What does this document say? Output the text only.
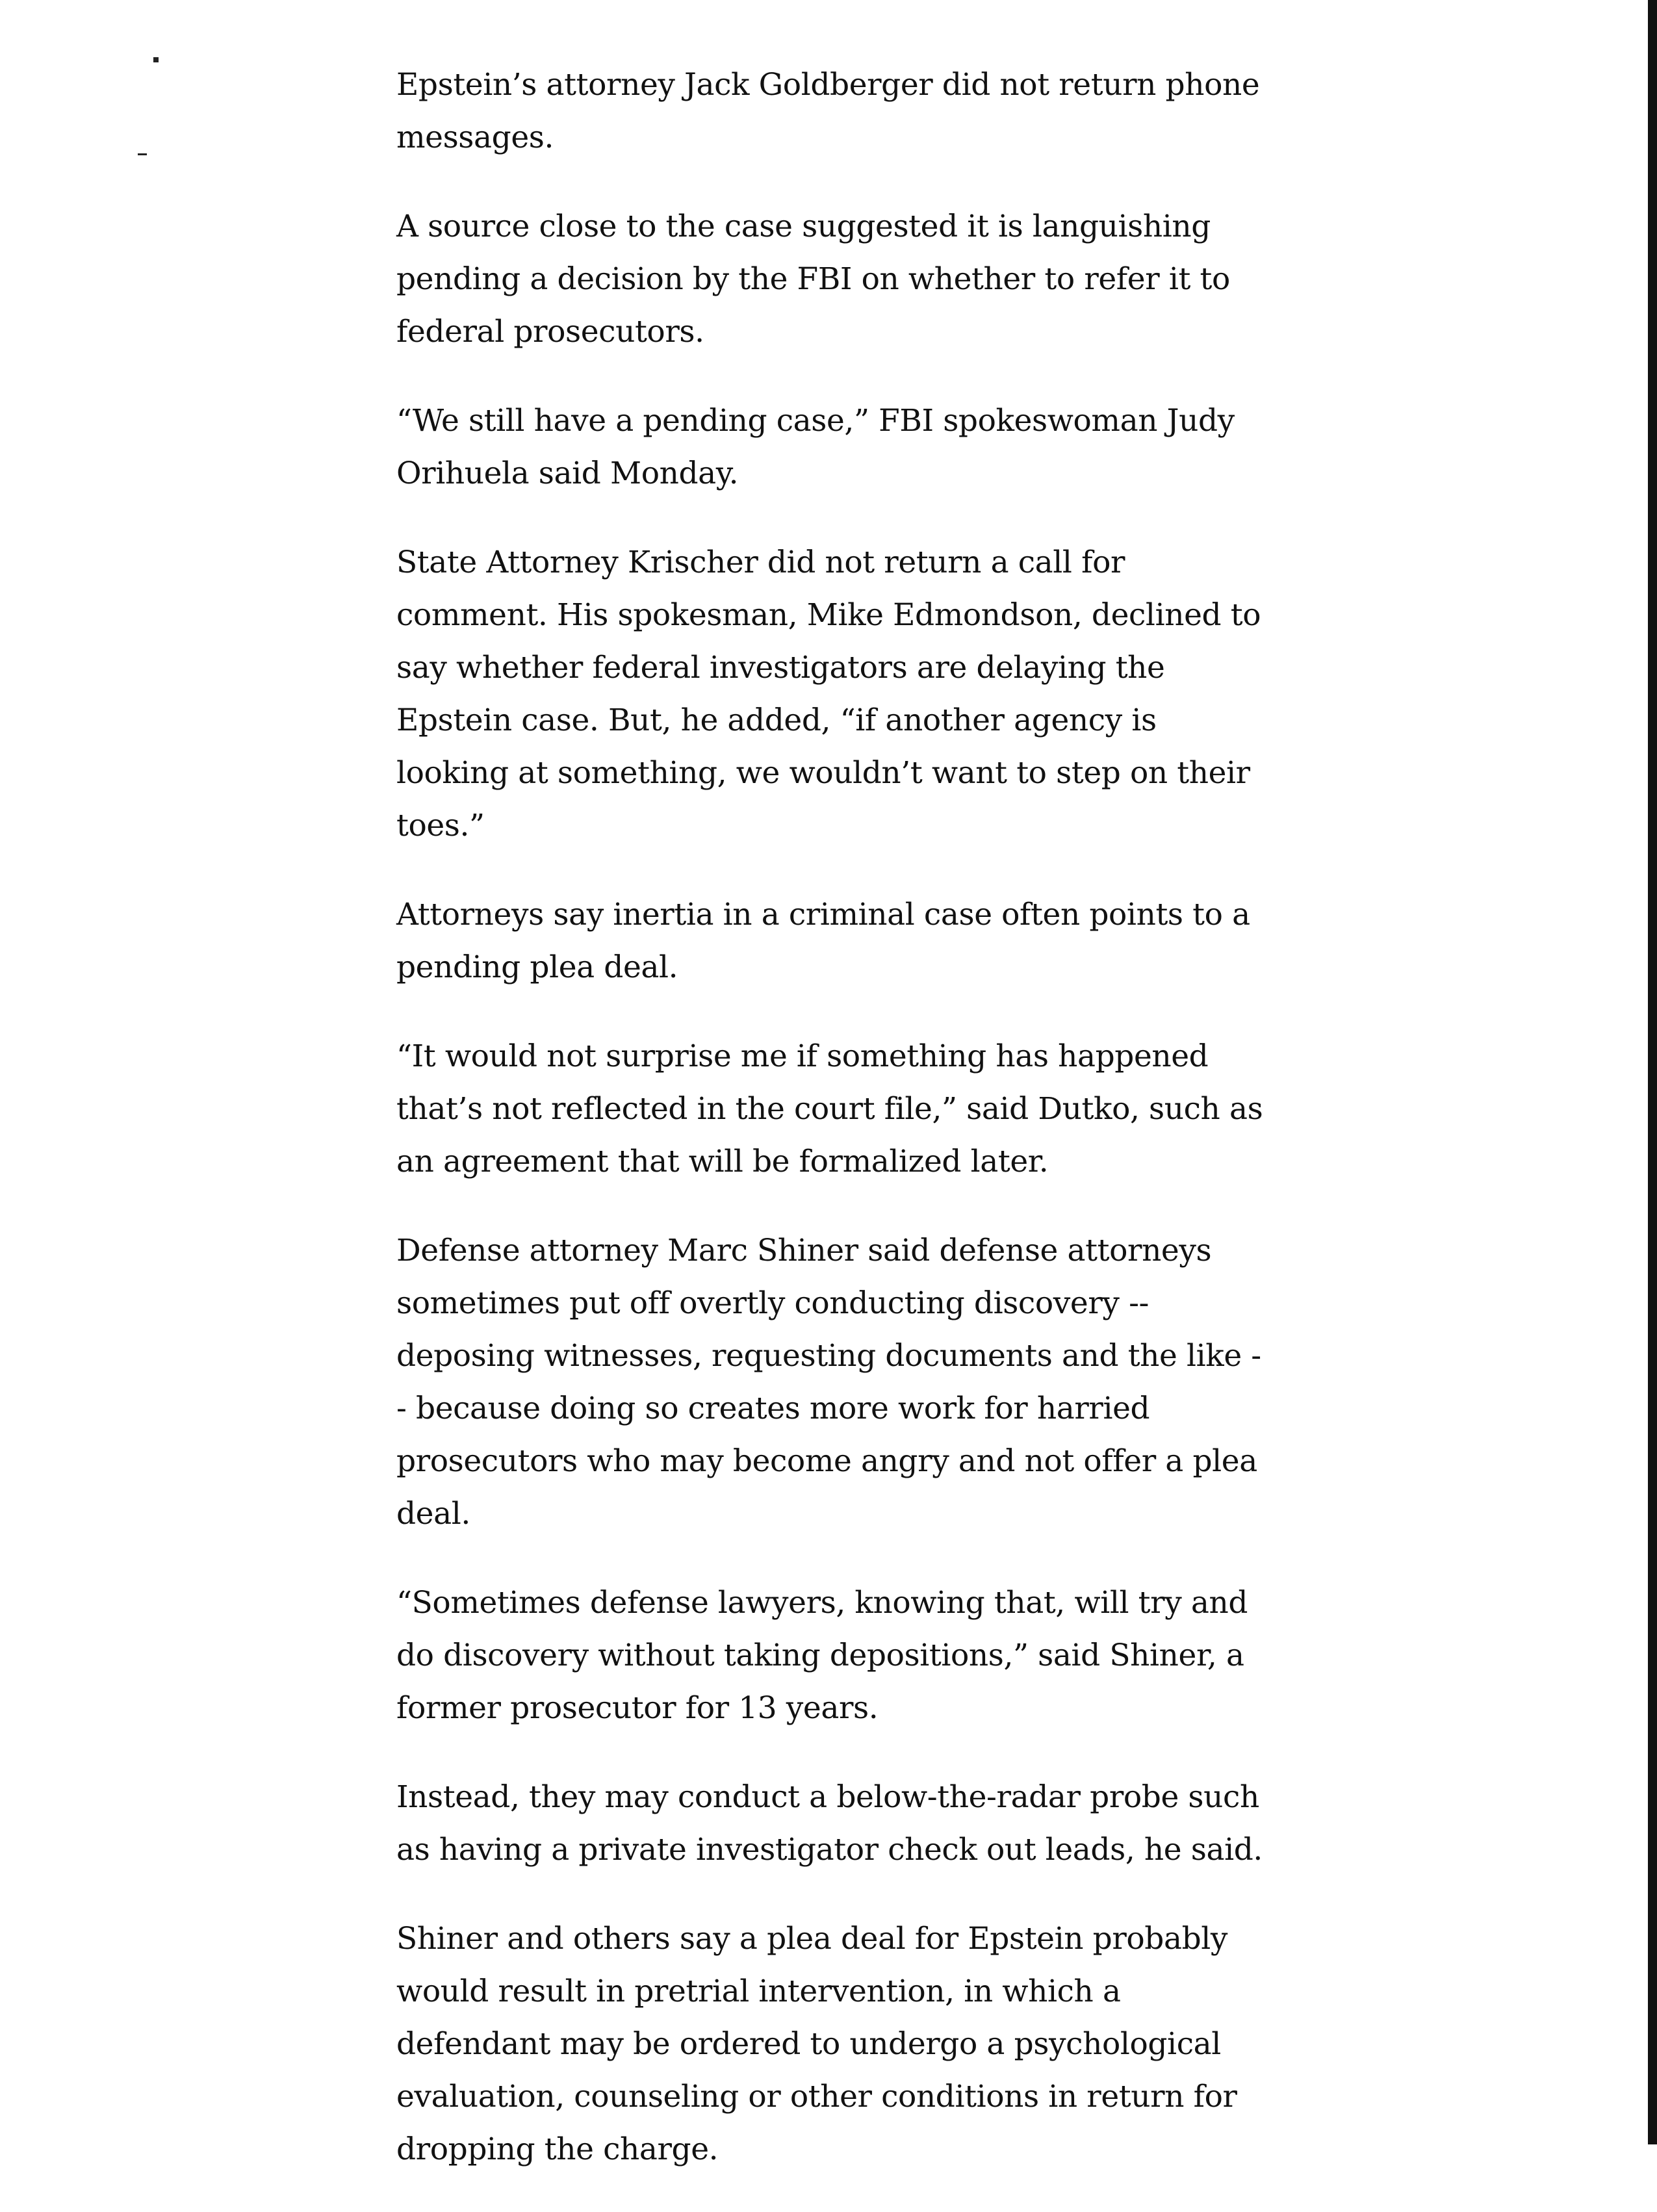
Epstein’s attorney Jack Goldberger did not return phone messages.

A source close to the case suggested it is languishing pending a decision by the FBI on whether to refer it to federal prosecutors.

“We still have a pending case,” FBI spokeswoman Judy Orihuela said Monday.

State Attorney Krischer did not return a call for comment. His spokesman, Mike Edmondson, declined to say whether federal investigators are delaying the Epstein case. But, he added, “if another agency is looking at something, we wouldn’t want to step on their toes.”

Attorneys say inertia in a criminal case often points to a pending plea deal.

“It would not surprise me if something has happened that’s not reflected in the court file,” said Dutko, such as an agreement that will be formalized later.

Defense attorney Marc Shiner said defense attorneys sometimes put off overtly conducting discovery -- deposing witnesses, requesting documents and the like -- because doing so creates more work for harried prosecutors who may become angry and not offer a plea deal.

“Sometimes defense lawyers, knowing that, will try and do discovery without taking depositions,” said Shiner, a former prosecutor for 13 years.

Instead, they may conduct a below-the-radar probe such as having a private investigator check out leads, he said.

Shiner and others say a plea deal for Epstein probably would result in pretrial intervention, in which a defendant may be ordered to undergo a psychological evaluation, counseling or other conditions in return for dropping the charge.
